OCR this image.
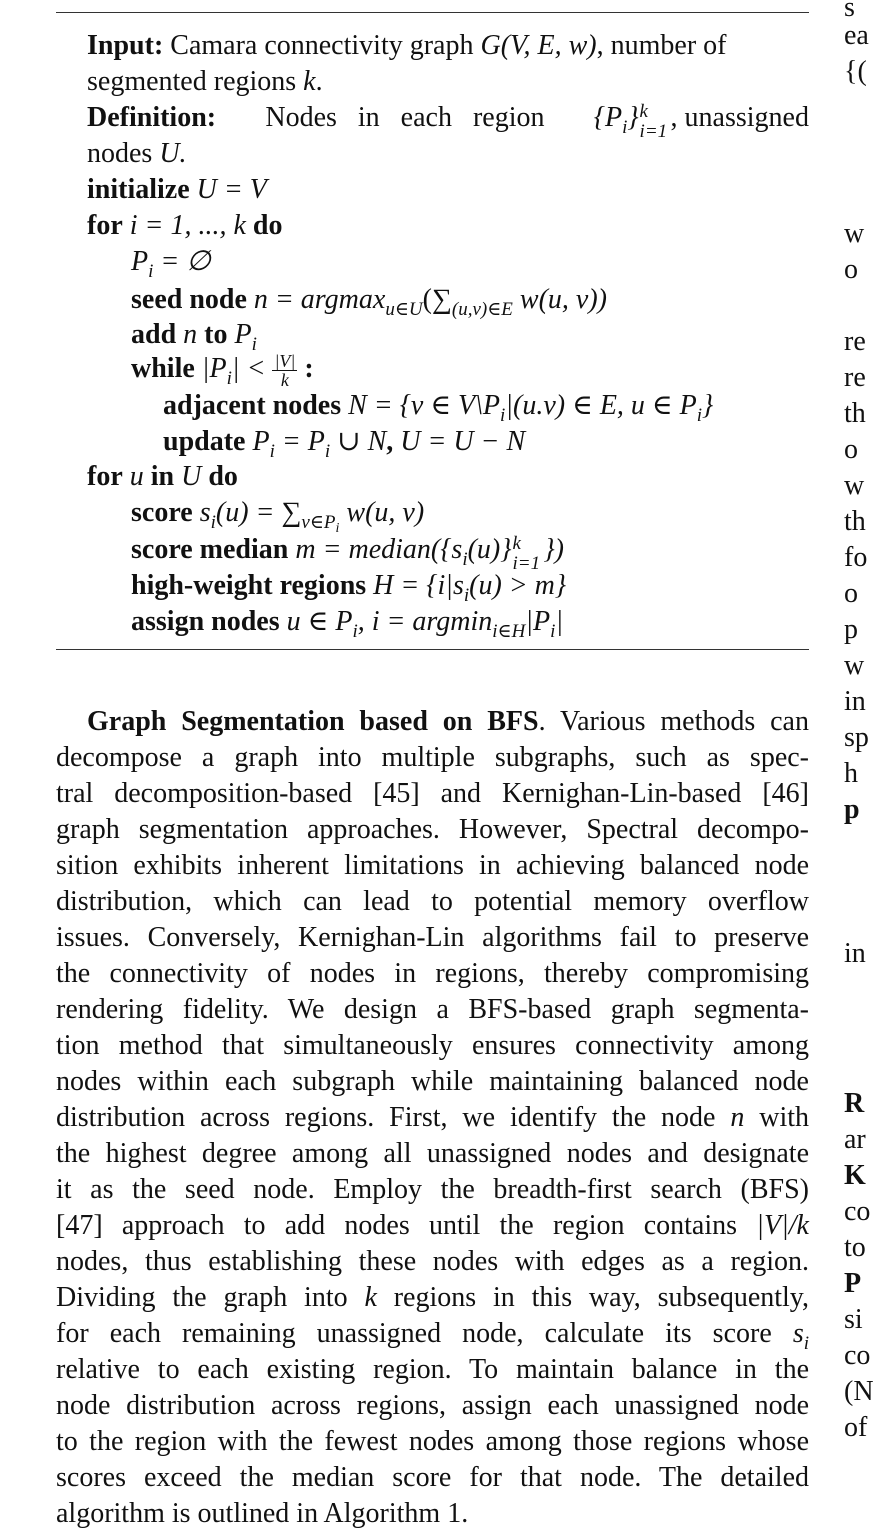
Input: Camara connectivity graph G(V, E, w), number of
segmented regions k.
Definition: Nodes in each region $\{P_i\}$ k
i=1 , unassigned
nodes U.
initialize U = V
for i = 1, ..., k do
$P_i$ = ∅
seed node $n = argmax_{u\in U}(\sum_{(u,v)\in E}$ w(u, v))
add n to $P_i$
while $|P_i| < \frac{|V|}{k}$ :
adjacent nodes N = {v ∈ $V\backslash P_i|(u.v)$ ∈ E, u ∈ $P_i$}
update $P_i = P_i$ ∪ N, U = U − N
for u in U do
score $s_i(u) = \sum_{v\in Pi}$ w(u, v)
score median $m = median(\{s_i(u)\}$ k
i=1 })
high-weight regions $H = \{i|s_i(u) > m\}$
assign nodes u ∈ $P_i$, $i = argmin_{i\in H}|P_i|$
Graph Segmentation based on BFS. Various methods can
decompose a graph into multiple subgraphs, such as spec-
tral decomposition-based [45] and Kernighan-Lin-based [46]
graph segmentation approaches. However, Spectral decompo-
sition exhibits inherent limitations in achieving balanced node
distribution, which can lead to potential memory overflow
issues. Conversely, Kernighan-Lin algorithms fail to preserve
the connectivity of nodes in regions, thereby compromising
rendering fidelity. We design a BFS-based graph segmenta-
tion method that simultaneously ensures connectivity among
nodes within each subgraph while maintaining balanced node
distribution across regions. First, we identify the node n with
the highest degree among all unassigned nodes and designate
it as the seed node. Employ the breadth-first search (BFS)
[47] approach to add nodes until the region contains |V|/k
nodes, thus establishing these nodes with edges as a region.
Dividing the graph into k regions in this way, subsequently,
for each remaining unassigned node, calculate its score $s_i$
relative to each existing region. To maintain balance in the
node distribution across regions, assign each unassigned node
to the region with the fewest nodes among those regions whose
scores exceed the median score for that node. The detailed
algorithm is outlined in Algorithm 1.
s
ea
{(
w
o
re
re
th
o
w
th
fo
o
p
w
in
sp
h
p
in
R
ar
K
co
to
P
si
co
(N
of
